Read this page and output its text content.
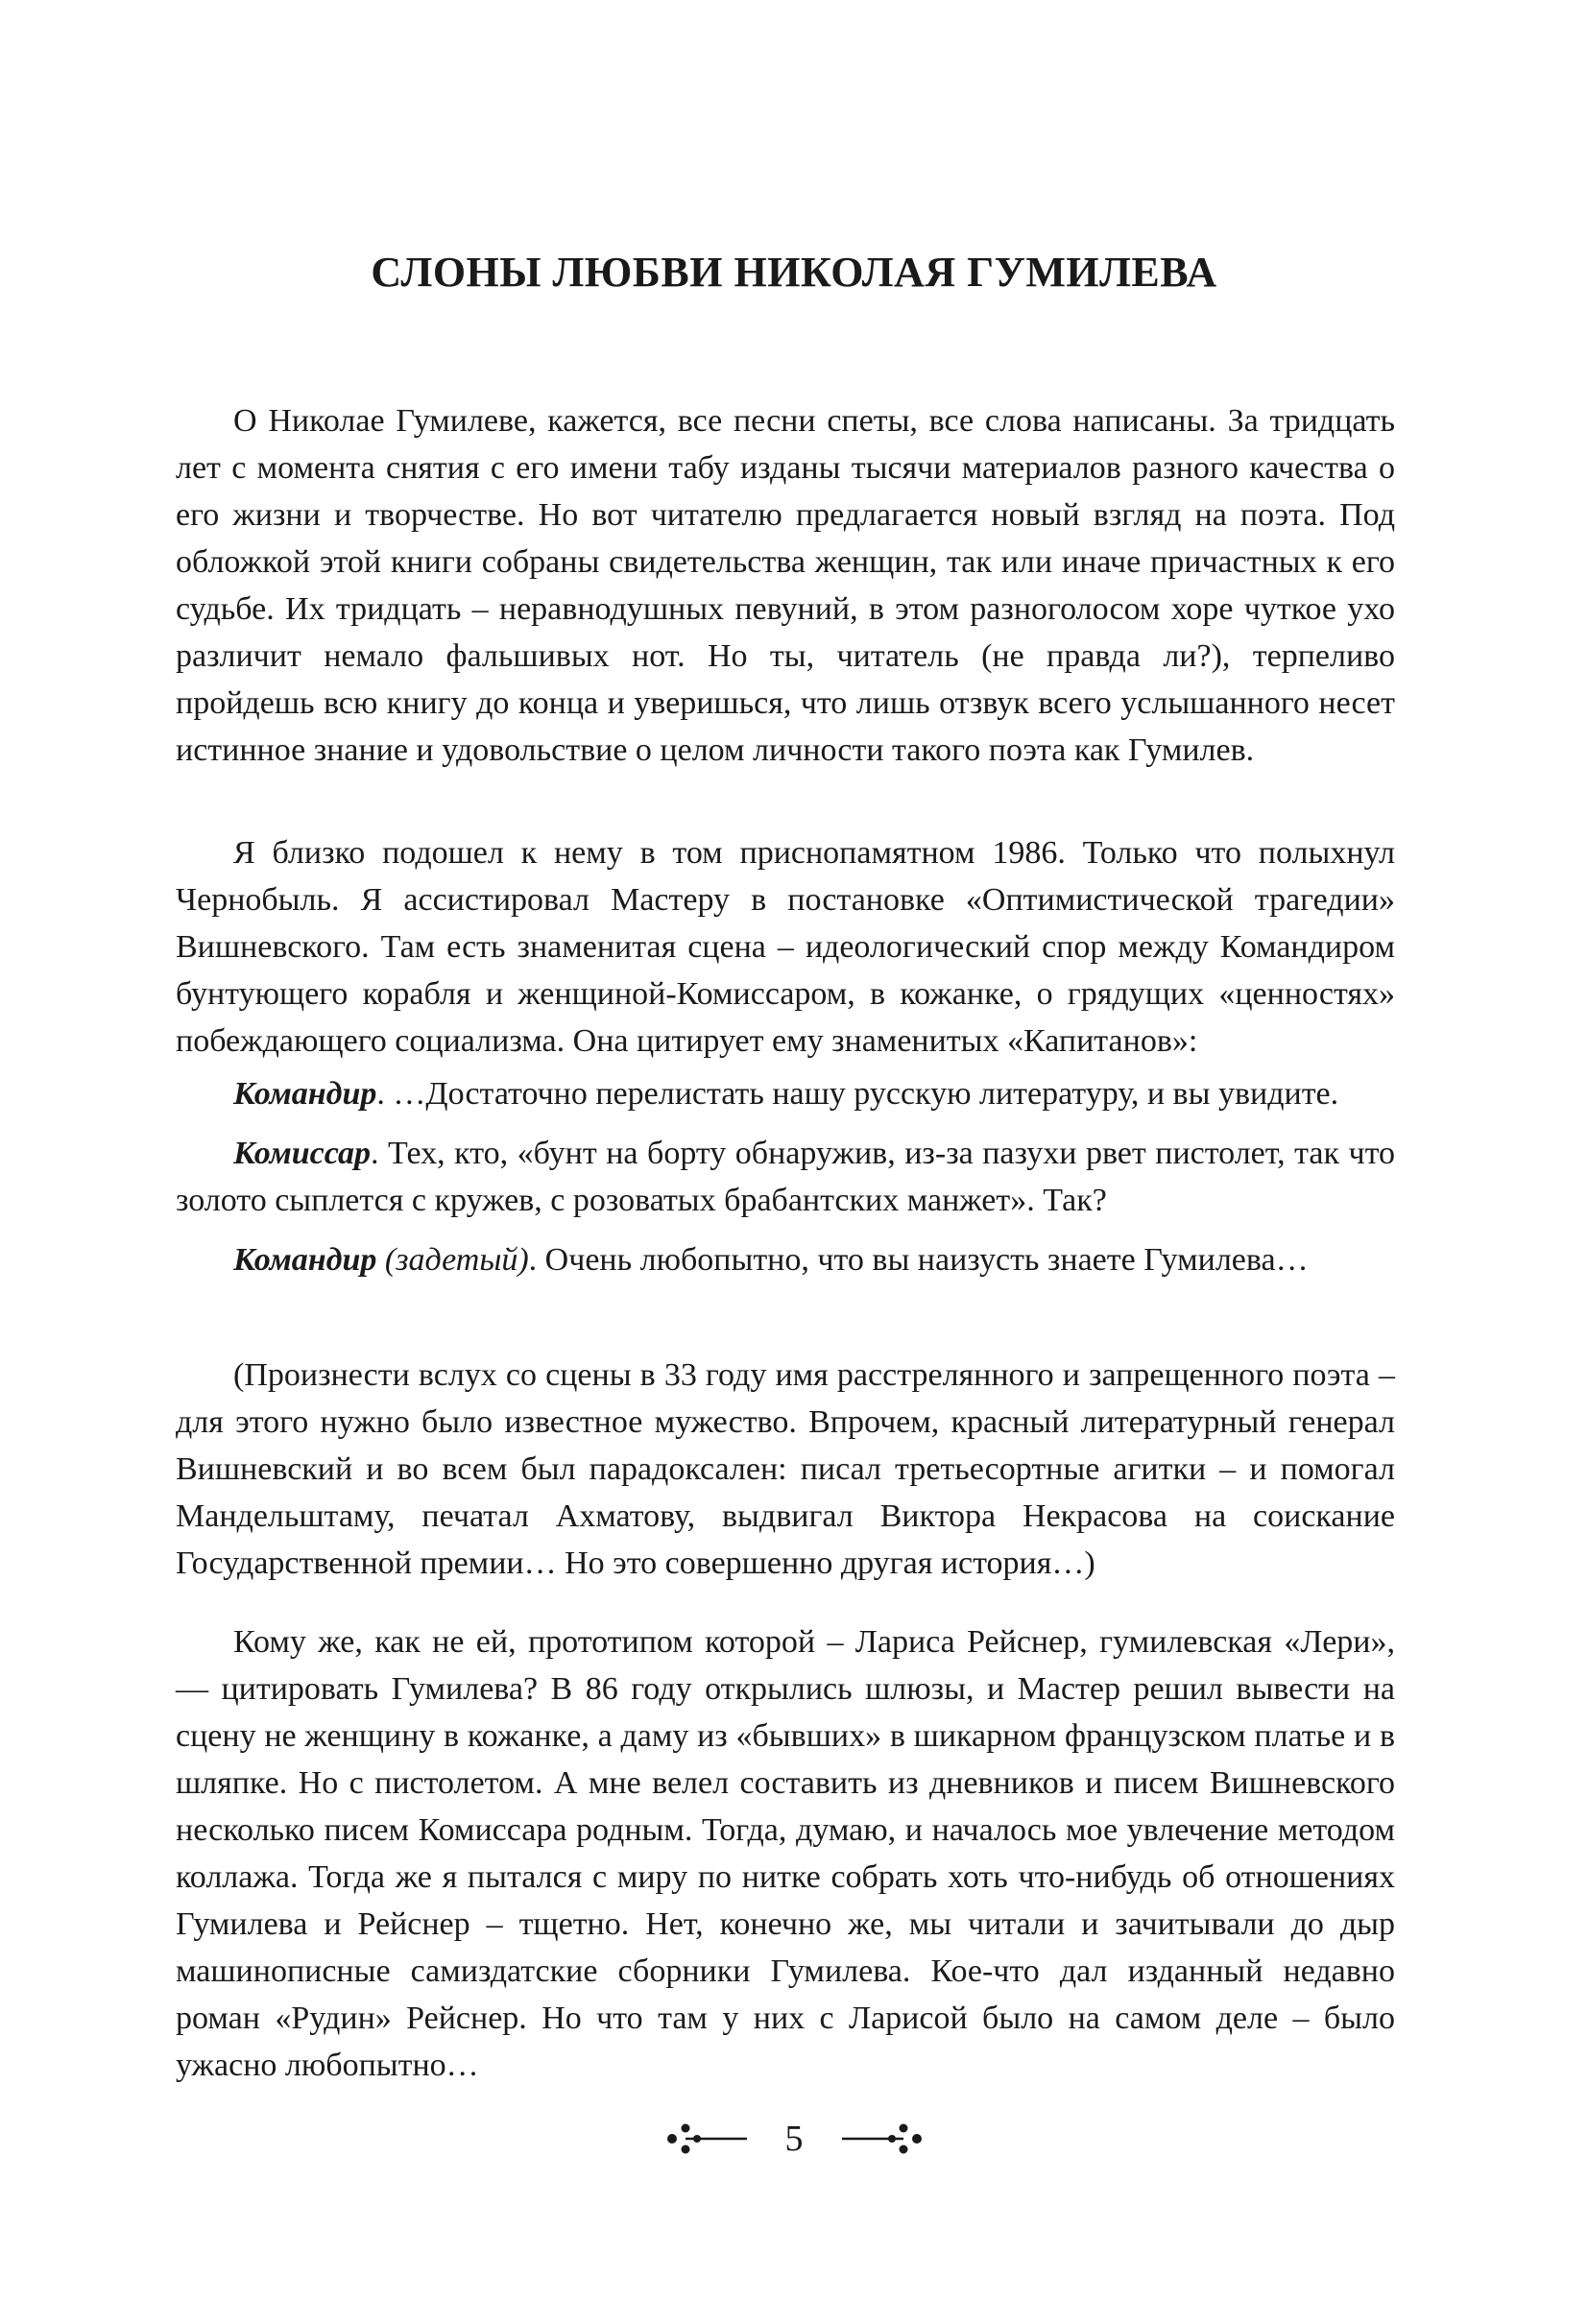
СЛОНЫ ЛЮБВИ НИКОЛАЯ ГУМИЛЕВА

О Николае Гумилеве, кажется, все песни спеты, все слова написаны. За тридцать лет с момента снятия с его имени табу изданы тысячи материалов разного качества о его жизни и творчестве. Но вот читателю предлагается новый взгляд на поэта. Под обложкой этой книги собраны свидетельства женщин, так или иначе причастных к его судьбе. Их тридцать – неравнодушных певуний, в этом разноголосом хоре чуткое ухо различит немало фальшивых нот. Но ты, читатель (не правда ли?), терпеливо пройдешь всю книгу до конца и уверишься, что лишь отзвук всего услышанного несет истинное знание и удовольствие о целом личности такого поэта как Гумилев.

Я близко подошел к нему в том приснопамятном 1986. Только что полыхнул Чернобыль. Я ассистировал Мастеру в постановке «Оптимистической трагедии» Вишневского. Там есть знаменитая сцена – идеологический спор между Командиром бунтующего корабля и женщиной-Комиссаром, в кожанке, о грядущих «ценностях» побеждающего социализма. Она цитирует ему знаменитых «Капитанов»:

Командир. …Достаточно перелистать нашу русскую литературу, и вы увидите.

Комиссар. Тех, кто, «бунт на борту обнаружив, из-за пазухи рвет пистолет, так что золото сыплется с кружев, с розоватых брабантских манжет». Так?

Командир (задетый). Очень любопытно, что вы наизусть знаете Гумилева…

(Произнести вслух со сцены в 33 году имя расстрелянного и запрещенного поэта – для этого нужно было известное мужество. Впрочем, красный литературный генерал Вишневский и во всем был парадоксален: писал третьесортные агитки – и помогал Мандельштаму, печатал Ахматову, выдвигал Виктора Некрасова на соискание Государственной премии… Но это совершенно другая история…)

Кому же, как не ей, прототипом которой – Лариса Рейснер, гумилевская «Лери», — цитировать Гумилева? В 86 году открылись шлюзы, и Мастер решил вывести на сцену не женщину в кожанке, а даму из «бывших» в шикарном французском платье и в шляпке. Но с пистолетом. А мне велел составить из дневников и писем Вишневского несколько писем Комиссара родным. Тогда, думаю, и началось мое увлечение методом коллажа. Тогда же я пытался с миру по нитке собрать хоть что-нибудь об отношениях Гумилева и Рейснер – тщетно. Нет, конечно же, мы читали и зачитывали до дыр машинописные самиздатские сборники Гумилева. Кое-что дал изданный недавно роман «Рудин» Рейснер. Но что там у них с Ларисой было на самом деле – было ужасно любопытно…

5
